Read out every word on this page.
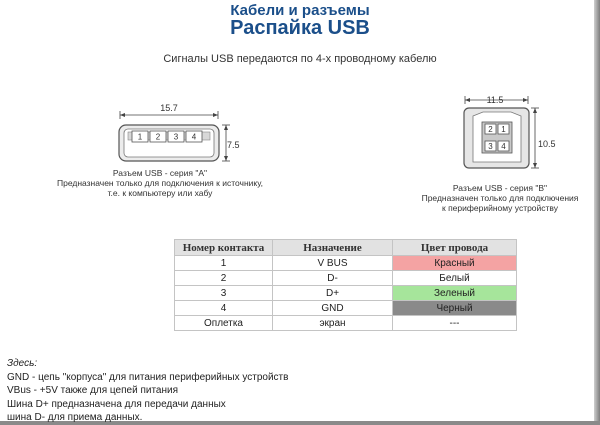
Кабели и разъемы
Распайка USB
Сигналы USB передаются по 4-х проводному кабелю
15.7
1 2 3 4
7.5
Разъем USB - серия "A"
Предназначен только для подключения к источнику,
т.е. к компьютеру или хабу
11.5
2 1
3 4	10.5
Разъем USB - серия "B"
Предназначен только для подключения
к периферийному устройству
Номер контакта	Назначение	Цвет провода
1	V BUS	Красный
2	D-	Белый
3	D+	Зеленый
4	GND	Черный
Оплетка	экран	---
Здесь:
GND - цепь "корпуса" для питания периферийных устройств
VBus - +5V также для цепей питания
Шина D+ предназначена для передачи данных
шина D- для приема данных.
